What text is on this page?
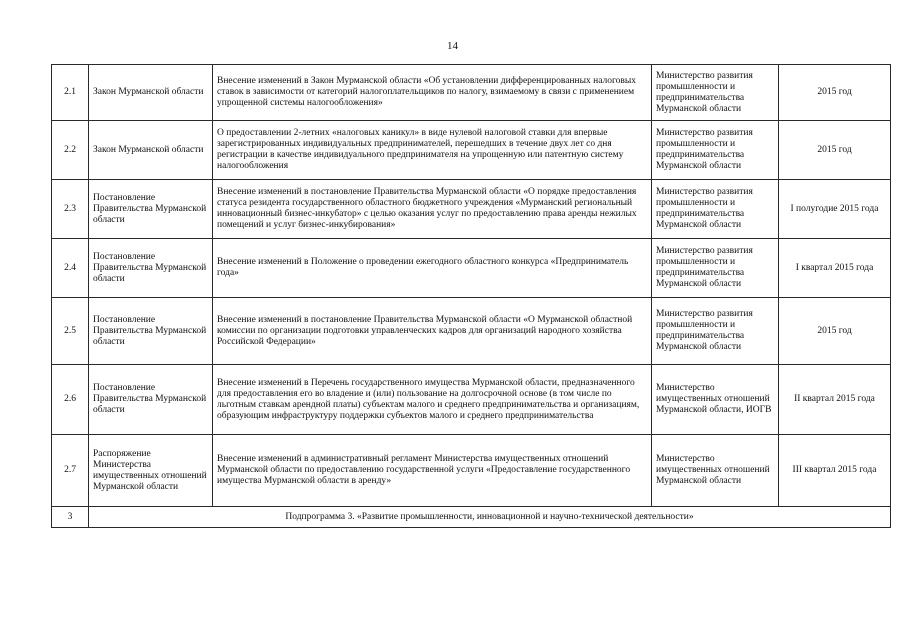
14
2.1	Закон Мурманской области	Внесение изменений в Закон Мурманской области «Об установлении дифференцированных налоговых ставок в зависимости от категорий налогоплательщиков по налогу, взимаемому в связи с применением упрощенной системы налогообложения»	Министерство развития промышленности и предпринимательства Мурманской области	2015 год
2.2	Закон Мурманской области	О предоставлении 2-летних «налоговых каникул» в виде нулевой налоговой ставки для впервые зарегистрированных индивидуальных предпринимателей, перешедших в течение двух лет со дня регистрации в качестве индивидуального предпринимателя на упрощенную или патентную систему налогообложения	Министерство развития промышленности и предпринимательства Мурманской области	2015 год
2.3	Постановление Правительства Мурманской области	Внесение изменений в постановление Правительства Мурманской области «О порядке предоставления статуса резидента государственного областного бюджетного учреждения «Мурманский региональный инновационный бизнес-инкубатор» с целью оказания услуг по предоставлению права аренды нежилых помещений и услуг бизнес-инкубирования»	Министерство развития промышленности и предпринимательства Мурманской области	I полугодие 2015 года
2.4	Постановление Правительства Мурманской области	Внесение изменений в Положение о проведении ежегодного областного конкурса «Предприниматель года»	Министерство развития промышленности и предпринимательства Мурманской области	I квартал 2015 года
2.5	Постановление Правительства Мурманской области	Внесение изменений в постановление Правительства Мурманской области «О Мурманской областной комиссии по организации подготовки управленческих кадров для организаций народного хозяйства Российской Федерации»	Министерство развития промышленности и предпринимательства Мурманской области	2015 год
2.6	Постановление Правительства Мурманской области	Внесение изменений в Перечень государственного имущества Мурманской области, предназначенного для предоставления его во владение и (или) пользование на долгосрочной основе (в том числе по льготным ставкам арендной платы) субъектам малого и среднего предпринимательства и организациям, образующим инфраструктуру поддержки субъектов малого и среднего предпринимательства	Министерство имущественных отношений Мурманской области, ИОГВ	II квартал 2015 года
2.7	Распоряжение Министерства имущественных отношений Мурманской области	Внесение изменений в административный регламент Министерства имущественных отношений Мурманской области по предоставлению государственной услуги «Предоставление государственного имущества Мурманской области в аренду»	Министерство имущественных отношений Мурманской области	III квартал 2015 года
3	Подпрограмма 3. «Развитие промышленности, инновационной и научно-технической деятельности»			
